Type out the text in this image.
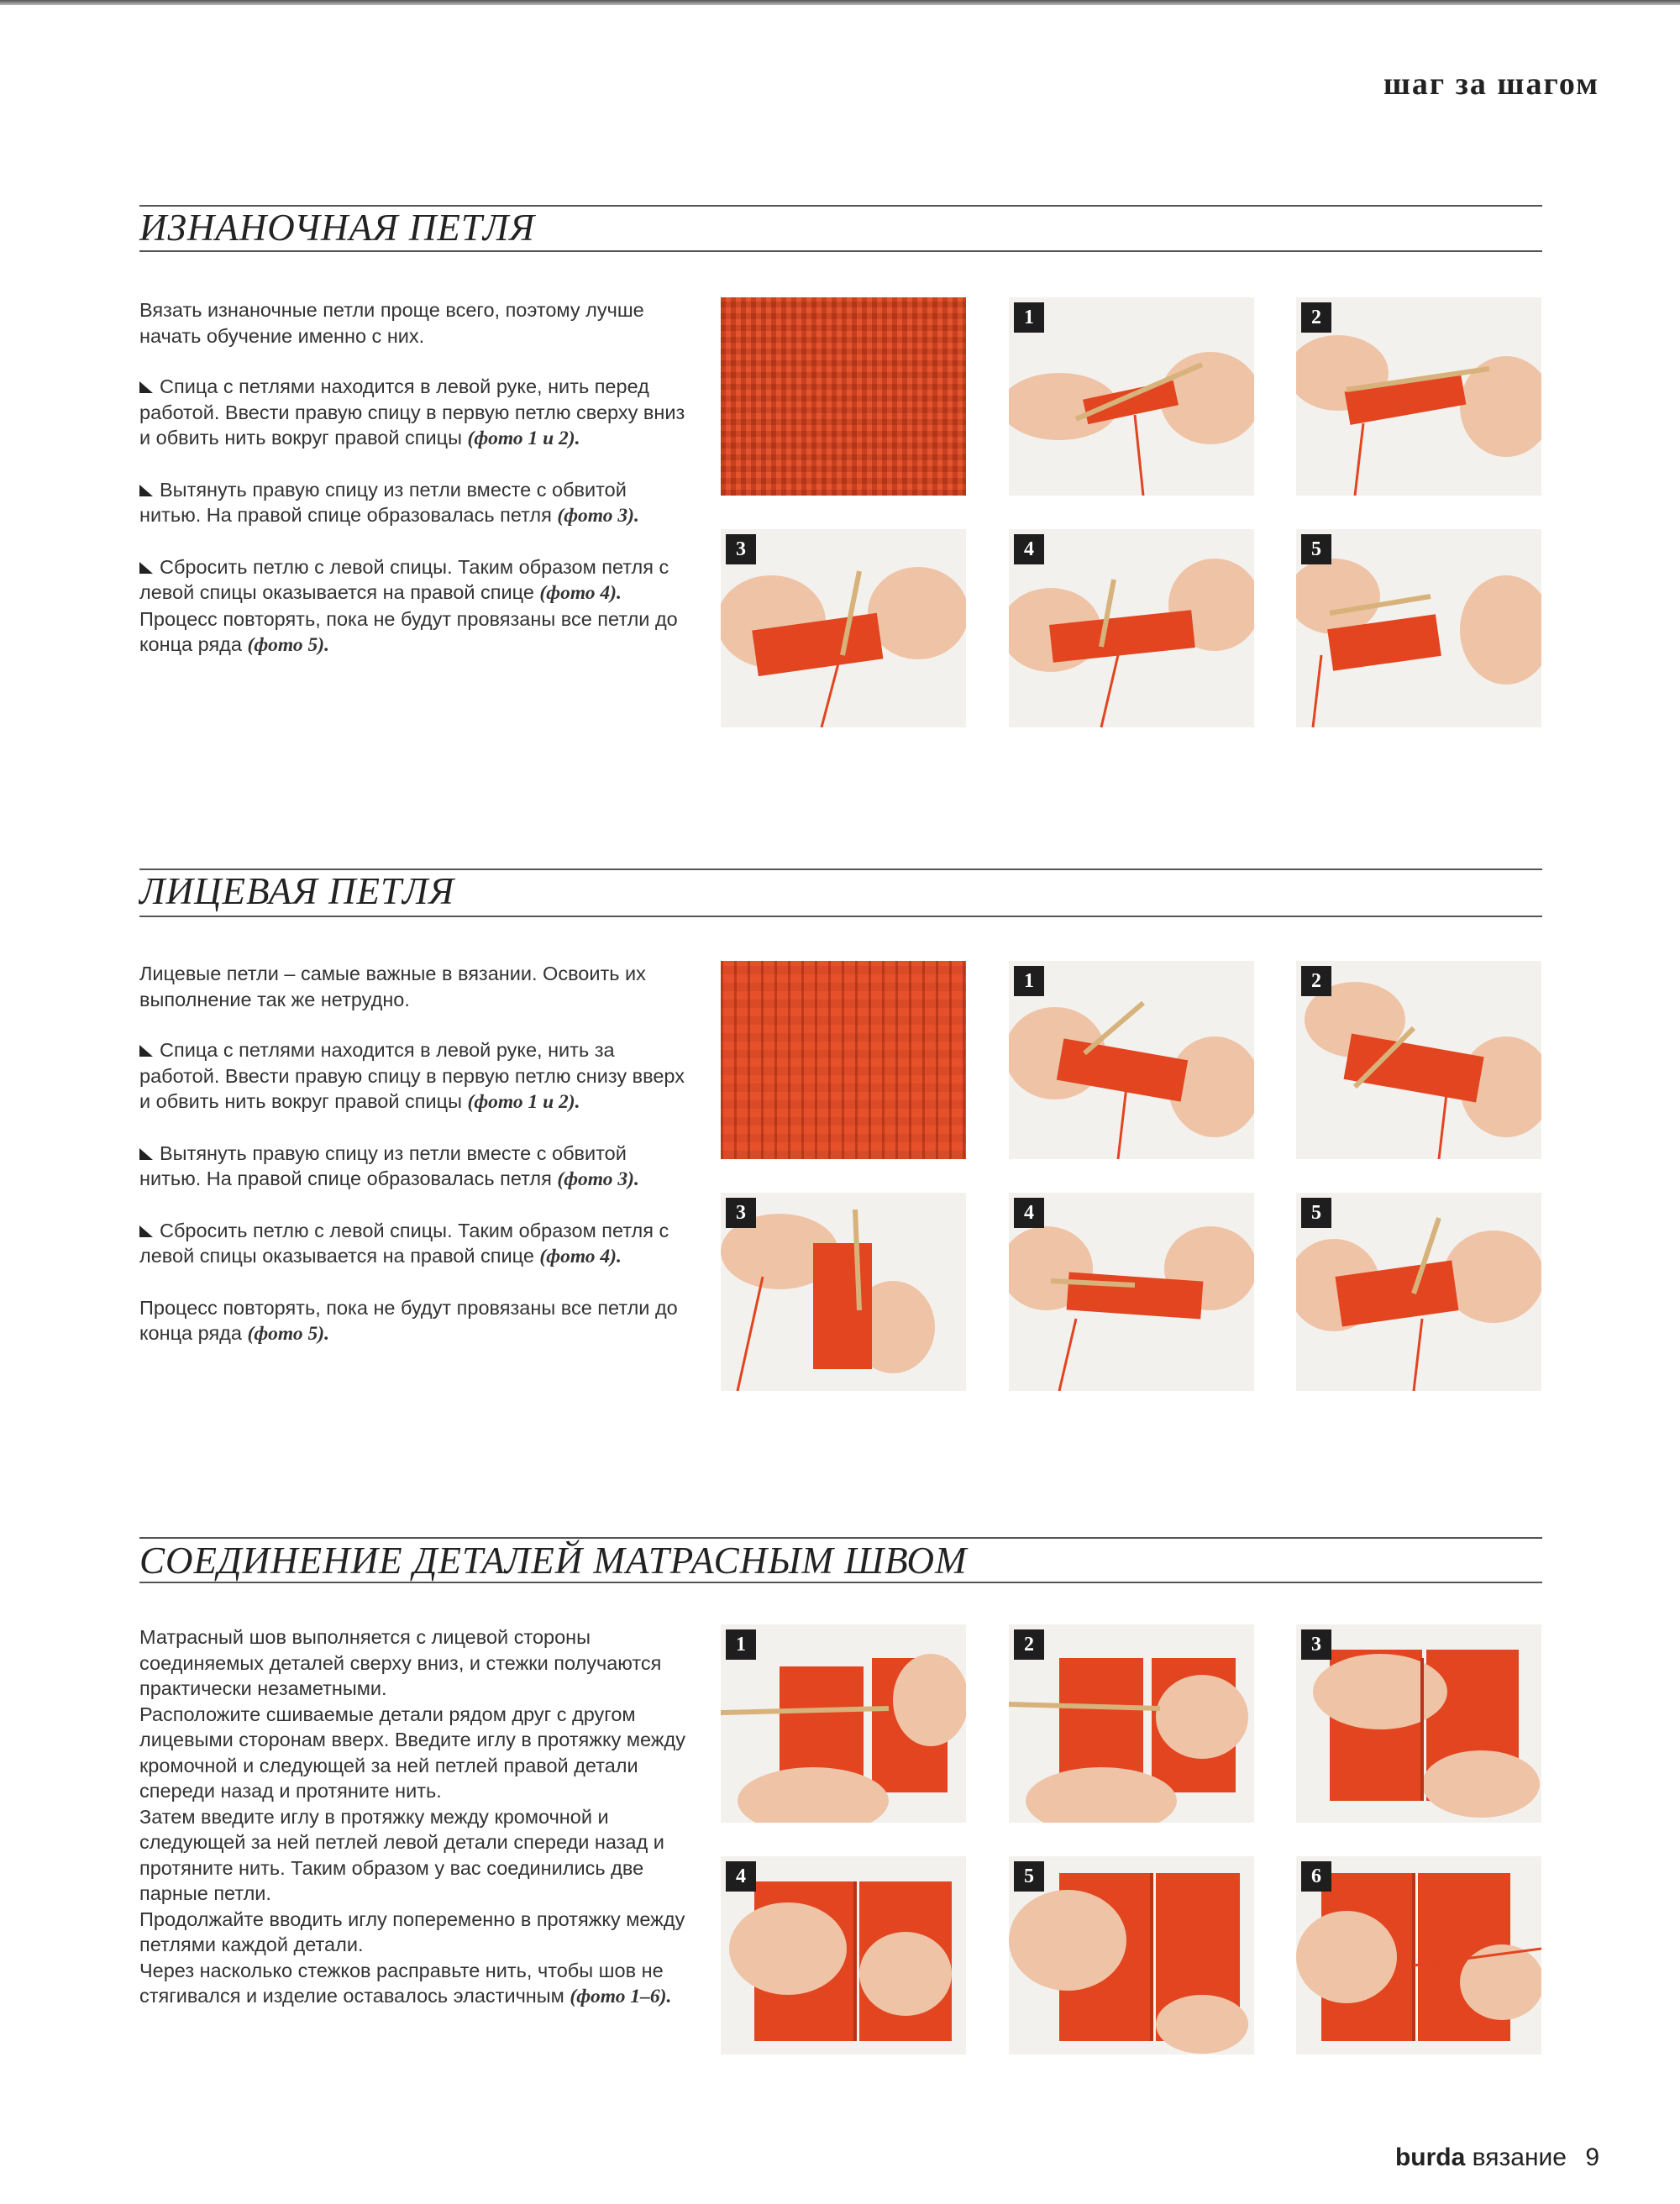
шаг за шагом
ИЗНАНОЧНАЯ ПЕТЛЯ

Вязать изнаночные петли проще всего, поэтому лучше начать обучение именно с них.

Спица с петлями находится в левой руке, нить перед работой. Ввести правую спицу в первую петлю сверху вниз и обвить нить вокруг правой спицы (фото 1 и 2).

Вытянуть правую спицу из петли вместе с обвитой нитью. На правой спице образовалась петля (фото 3).

Сбросить петлю с левой спицы. Таким образом петля с левой спицы оказывается на правой спице (фото 4).

Процесс повторять, пока не будут провязаны все петли до конца ряда (фото 5).

1	2
3	4	5
ЛИЦЕВАЯ ПЕТЛЯ

Лицевые петли – самые важные в вязании. Освоить их выполнение так же нетрудно.

Спица с петлями находится в левой руке, нить за работой. Ввести правую спицу в первую петлю снизу вверх и обвить нить вокруг правой спицы (фото 1 и 2).

Вытянуть правую спицу из петли вместе с обвитой нитью. На правой спице образовалась петля (фото 3).

Сбросить петлю с левой спицы. Таким образом петля с левой спицы оказывается на правой спице (фото 4).

Процесс повторять, пока не будут провязаны все петли до конца ряда (фото 5).

1	2
3	4	5
СОЕДИНЕНИЕ ДЕТАЛЕЙ МАТРАСНЫМ ШВОМ

Матрасный шов выполняется с лицевой стороны соединяемых деталей сверху вниз, и стежки получаются практически незаметными.

Расположите сшиваемые детали рядом друг с другом лицевыми сторонам вверх. Введите иглу в протяжку между кромочной и следующей за ней петлей правой детали спереди назад и протяните нить.

Затем введите иглу в протяжку между кромочной и следующей за ней петлей левой детали спереди назад и протяните нить. Таким образом у вас соединились две парные петли.

Продолжайте вводить иглу попеременно в протяжку между петлями каждой детали.

Через насколько стежков расправьте нить, чтобы шов не стягивался и изделие оставалось эластичным (фото 1–6).

1	2	3
4	5	6
burda вязание 9
